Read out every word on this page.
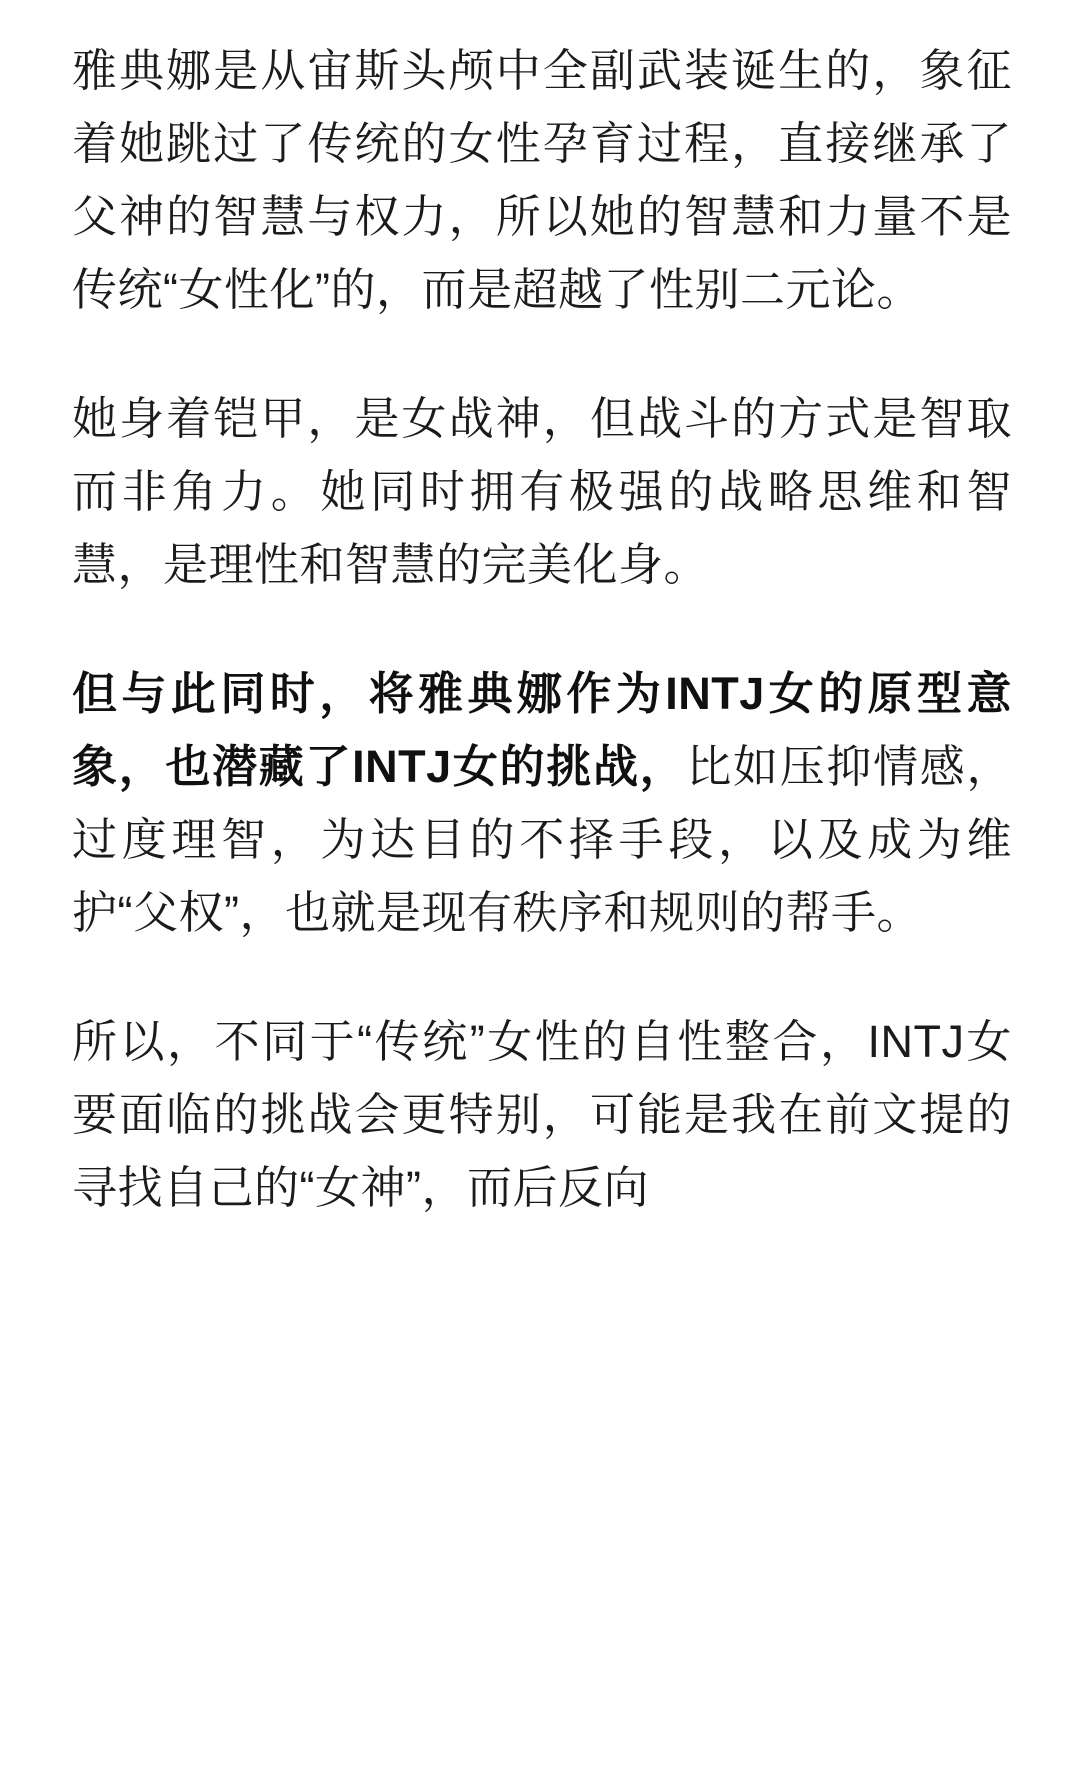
雅典娜是从宙斯头颅中全副武装诞生的，象征着她跳过了传统的女性孕育过程，直接继承了父神的智慧与权力，所以她的智慧和力量不是传统“女性化”的，而是超越了性别二元论。

她身着铠甲，是女战神，但战斗的方式是智取而非角力。她同时拥有极强的战略思维和智慧，是理性和智慧的完美化身。

但与此同时，将雅典娜作为INTJ女的原型意象，也潜藏了INTJ女的挑战，比如压抑情感，过度理智，为达目的不择手段，以及成为维护“父权”，也就是现有秩序和规则的帮手。

所以，不同于“传统”女性的自性整合，INTJ女要面临的挑战会更特别，可能是我在前文提的寻找自己的“女神”，而后反向
